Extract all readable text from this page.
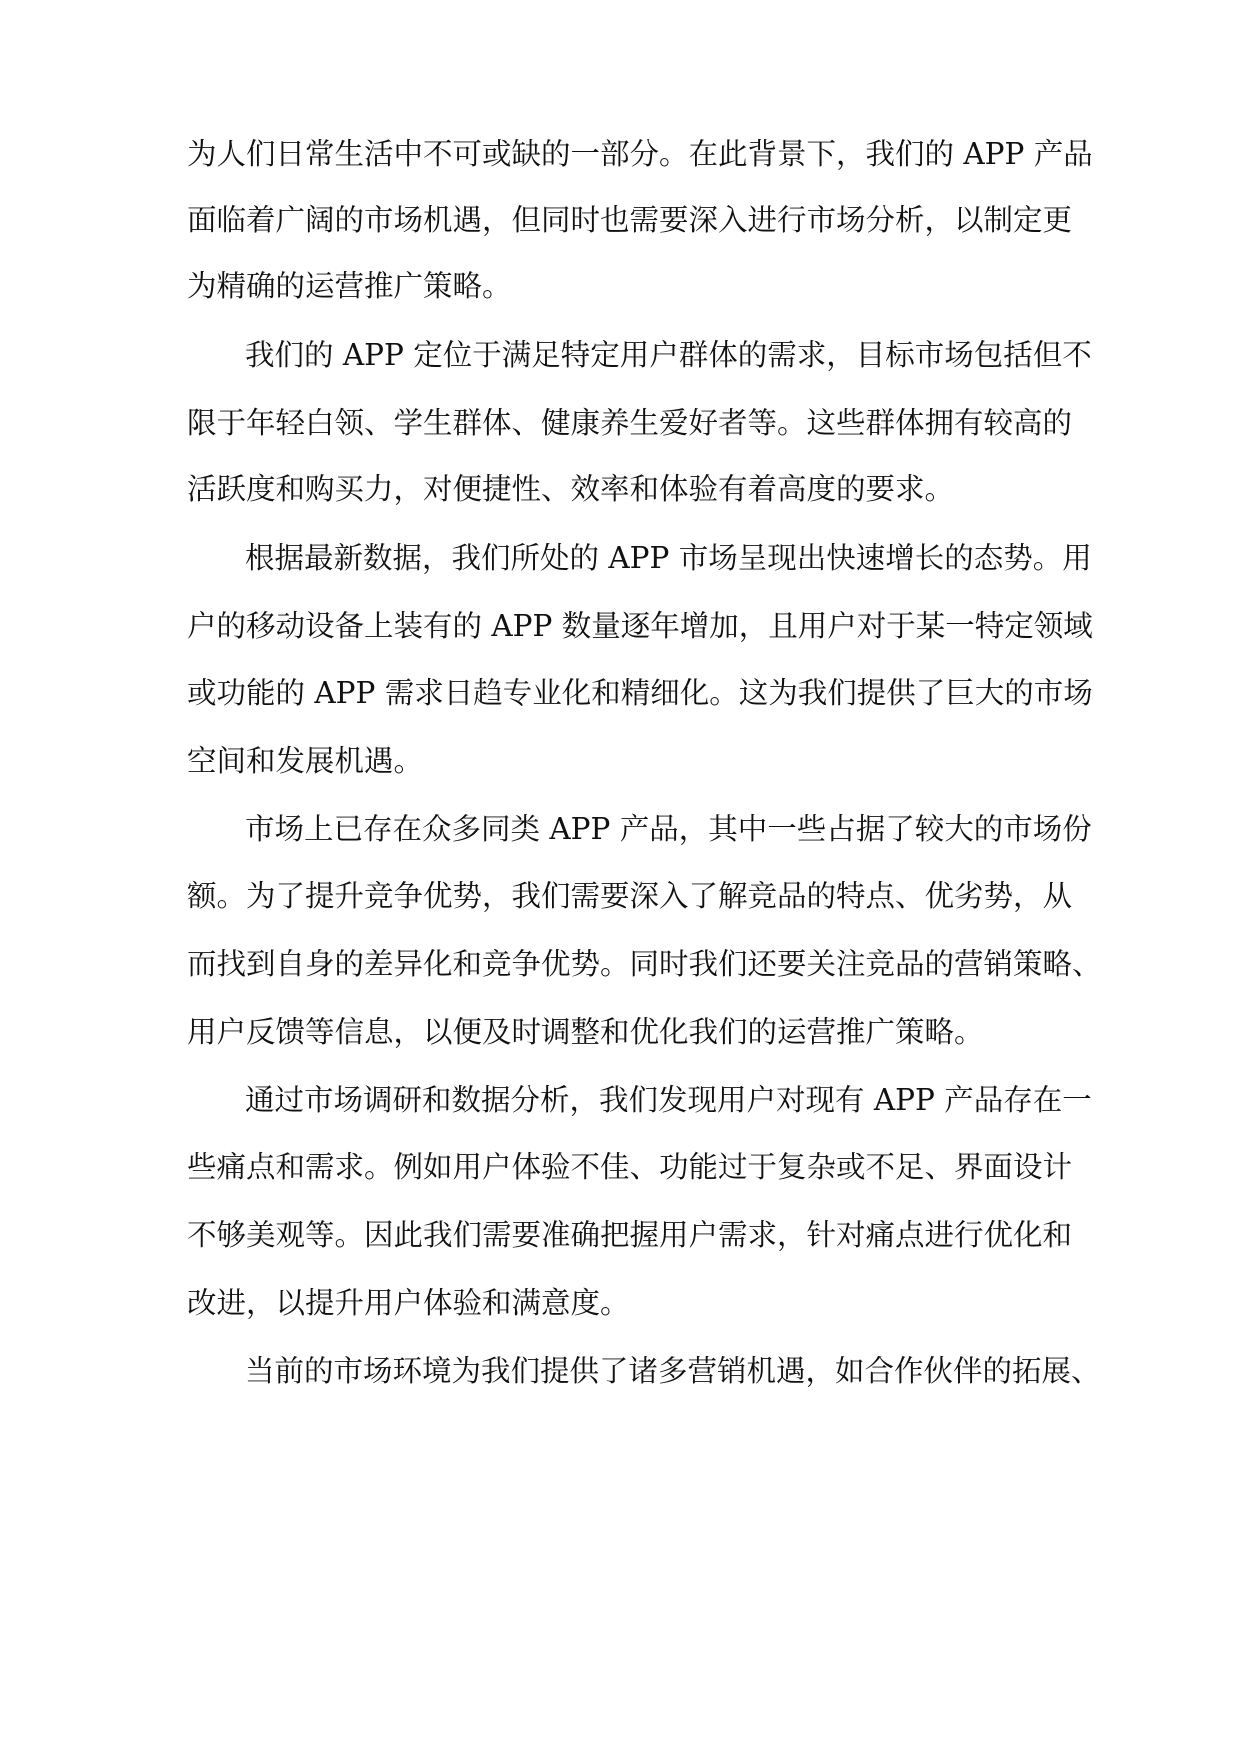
为人们日常生活中不可或缺的一部分。在此背景下，我们的 APP 产品
面临着广阔的市场机遇，但同时也需要深入进行市场分析，以制定更
为精确的运营推广策略。
我们的 APP 定位于满足特定用户群体的需求，目标市场包括但不
限于年轻白领、学生群体、健康养生爱好者等。这些群体拥有较高的
活跃度和购买力，对便捷性、效率和体验有着高度的要求。
根据最新数据，我们所处的 APP 市场呈现出快速增长的态势。用
户的移动设备上装有的 APP 数量逐年增加，且用户对于某一特定领域
或功能的 APP 需求日趋专业化和精细化。这为我们提供了巨大的市场
空间和发展机遇。
市场上已存在众多同类 APP 产品，其中一些占据了较大的市场份
额。为了提升竞争优势，我们需要深入了解竞品的特点、优劣势，从
而找到自身的差异化和竞争优势。同时我们还要关注竞品的营销策略、
用户反馈等信息，以便及时调整和优化我们的运营推广策略。
通过市场调研和数据分析，我们发现用户对现有 APP 产品存在一
些痛点和需求。例如用户体验不佳、功能过于复杂或不足、界面设计
不够美观等。因此我们需要准确把握用户需求，针对痛点进行优化和
改进，以提升用户体验和满意度。
当前的市场环境为我们提供了诸多营销机遇，如合作伙伴的拓展、
